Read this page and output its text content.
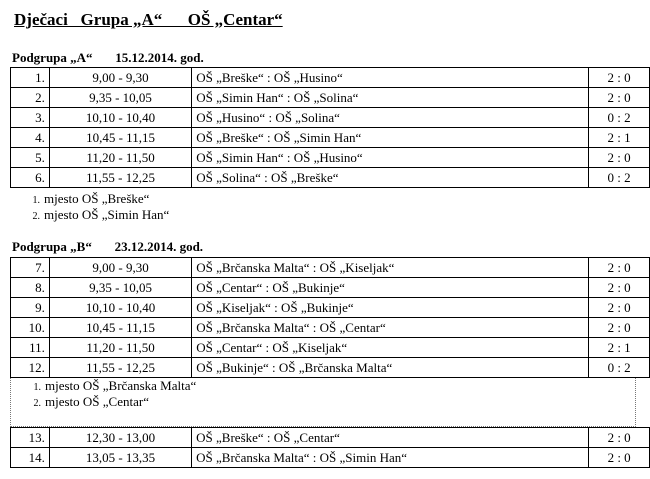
Dječaci   Grupa „A“      OŠ „Centar“
Podgrupa „A“       15.12.2014. god.
1.	9,00 - 9,30	OŠ „Breške“ : OŠ „Husino“	2 : 0
2.	9,35 - 10,05	OŠ „Simin Han“ : OŠ „Solina“	2 : 0
3.	10,10 - 10,40	OŠ „Husino“ : OŠ „Solina“	0 : 2
4.	10,45 - 11,15	OŠ „Breške“ : OŠ „Simin Han“	2 : 1
5.	11,20 - 11,50	OŠ „Simin Han“ : OŠ „Husino“	2 : 0
6.	11,55 - 12,25	OŠ „Solina“ : OŠ „Breške“	0 : 2
1. mjesto OŠ „Breške“
2. mjesto OŠ „Simin Han“
Podgrupa „B“       23.12.2014. god.
7.	9,00 - 9,30	OŠ „Brčanska Malta“ : OŠ „Kiseljak“	2 : 0
8.	9,35 - 10,05	OŠ „Centar“ : OŠ „Bukinje“	2 : 0
9.	10,10 - 10,40	OŠ „Kiseljak“ : OŠ „Bukinje“	2 : 0
10.	10,45 - 11,15	OŠ „Brčanska Malta“ : OŠ „Centar“	2 : 0
11.	11,20 - 11,50	OŠ „Centar“ : OŠ „Kiseljak“	2 : 1
12.	11,55 - 12,25	OŠ „Bukinje“ : OŠ „Brčanska Malta“	0 : 2
1. mjesto OŠ „Brčanska Malta“
2. mjesto OŠ „Centar“
13.	12,30 - 13,00	OŠ „Breške“ : OŠ „Centar“	2 : 0
14.	13,05 - 13,35	OŠ „Brčanska Malta“ : OŠ „Simin Han“	2 : 0
